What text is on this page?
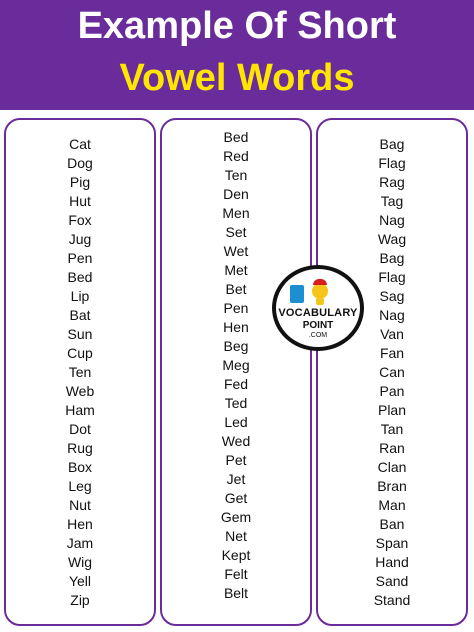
Example Of Short
Vowel Words
Cat
Dog
Pig
Hut
Fox
Jug
Pen
Bed
Lip
Bat
Sun
Cup
Ten
Web
Ham
Dot
Rug
Box
Leg
Nut
Hen
Jam
Wig
Yell
Zip
Bed
Red
Ten
Den
Men
Set
Wet
Met
Bet
Pen
Hen
Beg
Meg
Fed
Ted
Led
Wed
Pet
Jet
Get
Gem
Net
Kept
Felt
Belt
Bag
Flag
Rag
Tag
Nag
Wag
Bag
Flag
Sag
Nag
Van
Fan
Can
Pan
Plan
Tan
Ran
Clan
Bran
Man
Ban
Span
Hand
Sand
Stand
VOCABULARY
POINT
.COM
